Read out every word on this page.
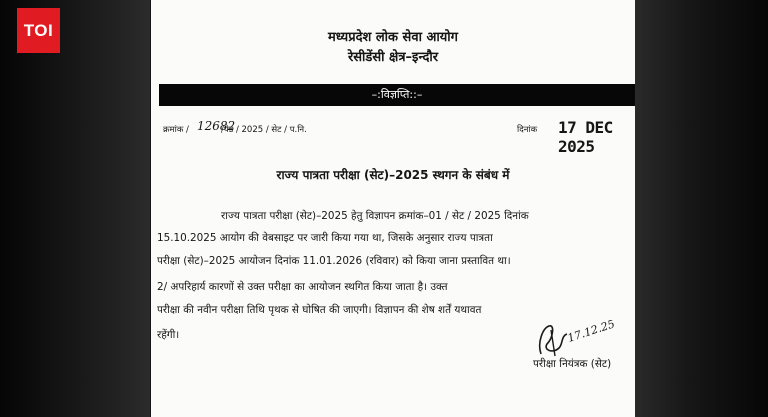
TOI	मध्यप्रदेश लोक सेवा आयोग
रेसीडेंसी क्षेत्र–इन्दौर
–:विज्ञप्ति::–
क्रमांक / 12682
/पेड / 2025 / सेट / प.नि.	दिनांक 17 DEC 2025
राज्य पात्रता परीक्षा (सेट)–2025 स्थगन के संबंध में
राज्य पात्रता परीक्षा (सेट)–2025 हेतु विज्ञापन क्रमांक–01 / सेट / 2025 दिनांक
15.10.2025 आयोग की वेबसाइट पर जारी किया गया था, जिसके अनुसार राज्य पात्रता
परीक्षा (सेट)–2025 आयोजन दिनांक 11.01.2026 (रविवार) को किया जाना प्रस्तावित था।
2/ अपरिहार्य कारणों से उक्त परीक्षा का आयोजन स्थगित किया जाता है। उक्त
परीक्षा की नवीन परीक्षा तिथि पृथक से घोषित की जाएगी। विज्ञापन की शेष शर्तें यथावत
रहेंगी।	17.12.25
परीक्षा नियंत्रक (सेट)
